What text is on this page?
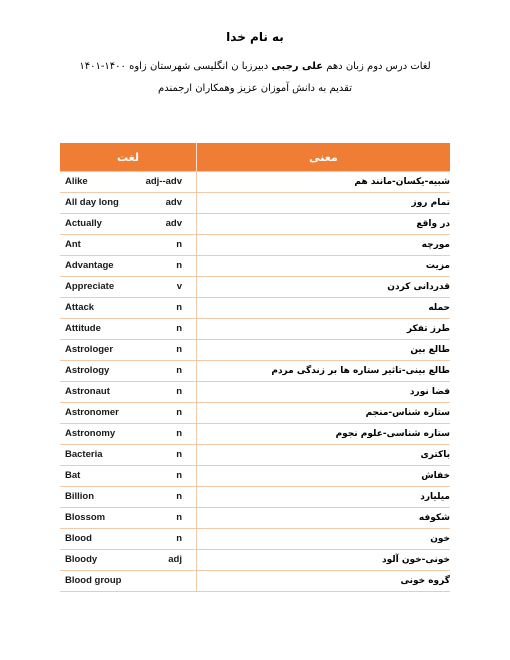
به نام خدا
لغات درس دوم زبان دهم علی رجبی دبیرزبا ن انگلیسی شهرستان زاوه ۱۴۰۰-۱۴۰۱
تقدیم به دانش آموزان عزیز وهمکاران ارجمندم
لغت	معنی

Alike adj--adv	شبیه-یکسان-مانند هم

All day long adv	تمام روز

Actually adv	در واقع

Ant n	مورچه

Advantage n	مزیت

Appreciate v	قدردانی کردن

Attack n	حمله

Attitude n	طرز تفکر

Astrologer n	طالع بین

Astrology n	طالع بینی-تاثیر ستاره ها بر زندگی مردم

Astronaut n	فضا نورد

Astronomer n	ستاره شناس-منجم

Astronomy n	ستاره شناسی-علوم نجوم

Bacteria n	باکتری

Bat n	خفاش

Billion n	میلیارد

Blossom n	شکوفه

Blood n	خون

Bloody adj	خونی-خون آلود

Blood group	گروه خونی
